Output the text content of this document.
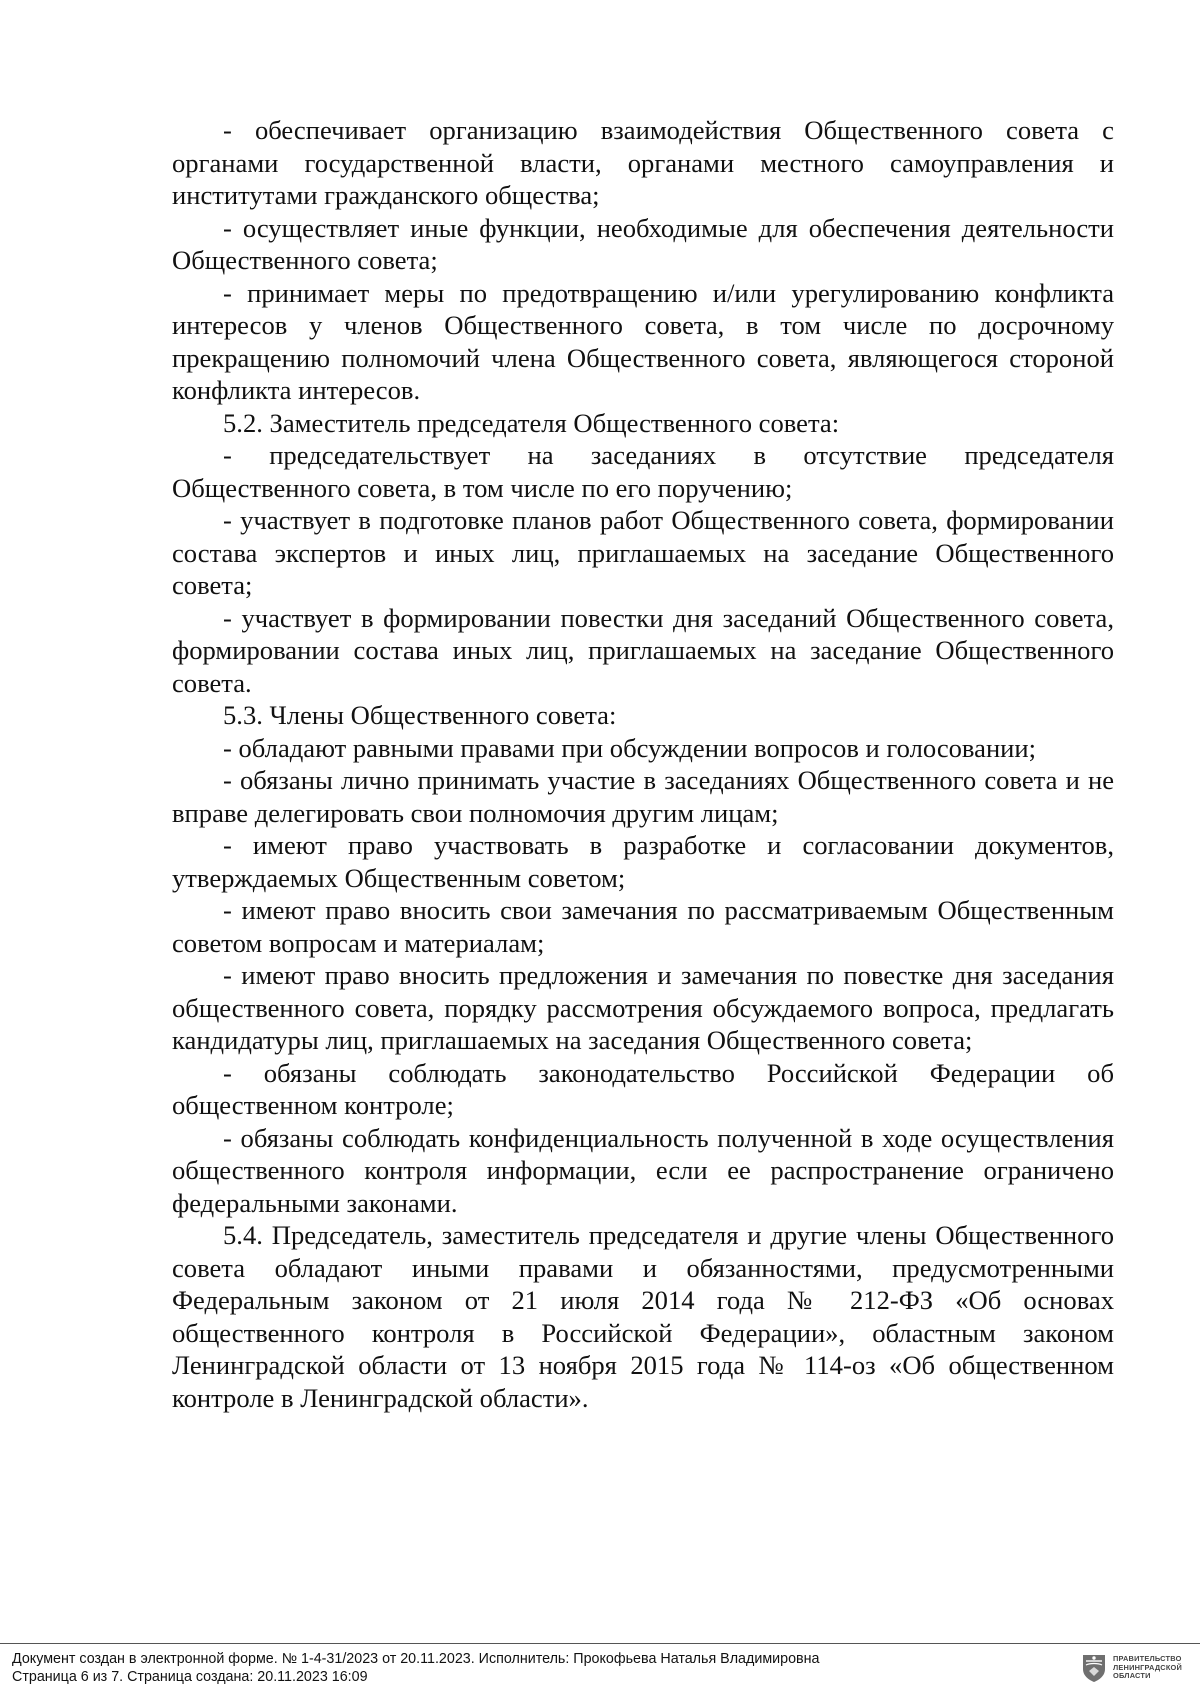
- обеспечивает организацию взаимодействия Общественного совета с органами государственной власти, органами местного самоуправления и институтами гражданского общества;

- осуществляет иные функции, необходимые для обеспечения деятельности Общественного совета;

- принимает меры по предотвращению и/или урегулированию конфликта интересов у членов Общественного совета, в том числе по досрочному прекращению полномочий члена Общественного совета, являющегося стороной конфликта интересов.

5.2. Заместитель председателя Общественного совета:

- председательствует на заседаниях в отсутствие председателя Общественного совета, в том числе по его поручению;

- участвует в подготовке планов работ Общественного совета, формировании состава экспертов и иных лиц, приглашаемых на заседание Общественного совета;

- участвует в формировании повестки дня заседаний Общественного совета, формировании состава иных лиц, приглашаемых на заседание Общественного совета.

5.3. Члены Общественного совета:

- обладают равными правами при обсуждении вопросов и голосовании;

- обязаны лично принимать участие в заседаниях Общественного совета и не вправе делегировать свои полномочия другим лицам;

- имеют право участвовать в разработке и согласовании документов, утверждаемых Общественным советом;

- имеют право вносить свои замечания по рассматриваемым Общественным советом вопросам и материалам;

- имеют право вносить предложения и замечания по повестке дня заседания общественного совета, порядку рассмотрения обсуждаемого вопроса, предлагать кандидатуры лиц, приглашаемых на заседания Общественного совета;

- обязаны соблюдать законодательство Российской Федерации об общественном контроле;

- обязаны соблюдать конфиденциальность полученной в ходе осуществления общественного контроля информации, если ее распространение ограничено федеральными законами.

5.4. Председатель, заместитель председателя и другие члены Общественного совета обладают иными правами и обязанностями, предусмотренными Федеральным законом от 21 июля 2014 года № 212-ФЗ «Об основах общественного контроля в Российской Федерации», областным законом Ленинградской области от 13 ноября 2015 года № 114-оз «Об общественном контроле в Ленинградской области».

Документ создан в электронной форме. № 1-4-31/2023 от 20.11.2023. Исполнитель: Прокофьева Наталья Владимировна
Страница 6 из 7. Страница создана: 20.11.2023 16:09
ПРАВИТЕЛЬСТВО
ЛЕНИНГРАДСКОЙ
ОБЛАСТИ
